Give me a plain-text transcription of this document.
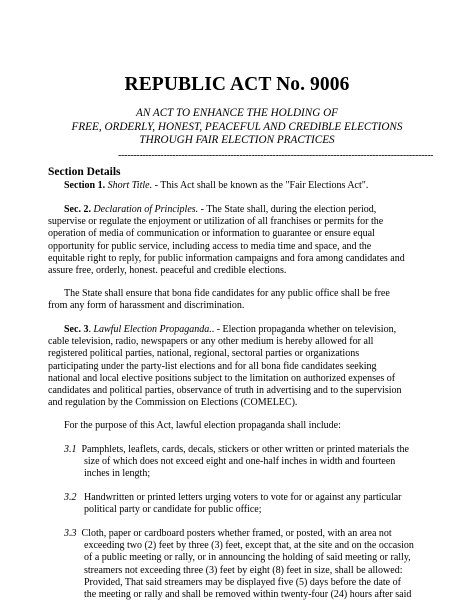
REPUBLIC ACT No. 9006
AN ACT TO ENHANCE THE HOLDING OF
FREE, ORDERLY, HONEST, PEACEFUL AND CREDIBLE ELECTIONS
THROUGH FAIR ELECTION PRACTICES
--------------------------------------------------------------------------------------------------------
Section Details
Section 1. Short Title. - This Act shall be known as the "Fair Elections Act".
Sec. 2. Declaration of Principles. - The State shall, during the election period,
supervise or regulate the enjoyment or utilization of all franchises or permits for the
operation of media of communication or information to guarantee or ensure equal
opportunity for public service, including access to media time and space, and the
equitable right to reply, for public information campaigns and fora among candidates and
assure free, orderly, honest. peaceful and credible elections.
The State shall ensure that bona fide candidates for any public office shall be free
from any form of harassment and discrimination.
Sec. 3. Lawful Election Propaganda.. - Election propaganda whether on television,
cable television, radio, newspapers or any other medium is hereby allowed for all
registered political parties, national, regional, sectoral parties or organizations
participating under the party-list elections and for all bona fide candidates seeking
national and local elective positions subject to the limitation on authorized expenses of
candidates and political parties, observance of truth in advertising and to the supervision
and regulation by the Commission on Elections (COMELEC).
For the purpose of this Act, lawful election propaganda shall include:
3.1 Pamphlets, leaflets, cards, decals, stickers or other written or printed materials the
size of which does not exceed eight and one-half inches in width and fourteen
inches in length;
3.2 Handwritten or printed letters urging voters to vote for or against any particular
political party or candidate for public office;
3.3 Cloth, paper or cardboard posters whether framed, or posted, with an area not
exceeding two (2) feet by three (3) feet, except that, at the site and on the occasion
of a public meeting or rally, or in announcing the holding of said meeting or rally,
streamers not exceeding three (3) feet by eight (8) feet in size, shall be allowed:
Provided, That said streamers may be displayed five (5) days before the date of
the meeting or rally and shall be removed within twenty-four (24) hours after said
